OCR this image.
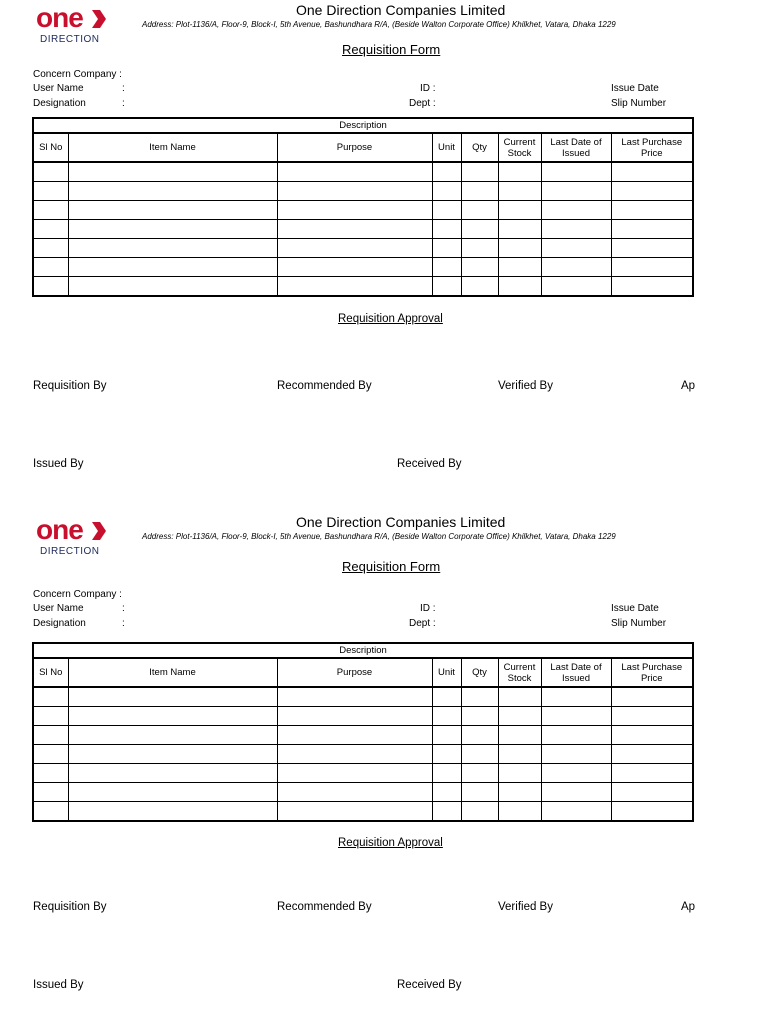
one
DIRECTION
One Direction Companies Limited
Address: Plot-1136/A, Floor-9, Block-I, 5th Avenue, Bashundhara R/A, (Beside Walton Corporate Office) Khilkhet, Vatara, Dhaka 1229
Requisition Form
Concern Company :
User Name	:
Designation	:
ID :
Dept :
Issue Date
Slip Number
Description							
Sl No	Item Name	Purpose	Unit	Qty	Current Stock	Last Date of Issued	Last Purchase Price

Requisition Approval
Requisition By	Recommended By	Verified By	Ap
Issued By	Received By
one
DIRECTION
One Direction Companies Limited
Address: Plot-1136/A, Floor-9, Block-I, 5th Avenue, Bashundhara R/A, (Beside Walton Corporate Office) Khilkhet, Vatara, Dhaka 1229
Requisition Form
Concern Company :
User Name	:
Designation	:
ID :
Dept :
Issue Date
Slip Number
Description							
Sl No	Item Name	Purpose	Unit	Qty	Current Stock	Last Date of Issued	Last Purchase Price

Requisition Approval
Requisition By	Recommended By	Verified By	Ap
Issued By	Received By
